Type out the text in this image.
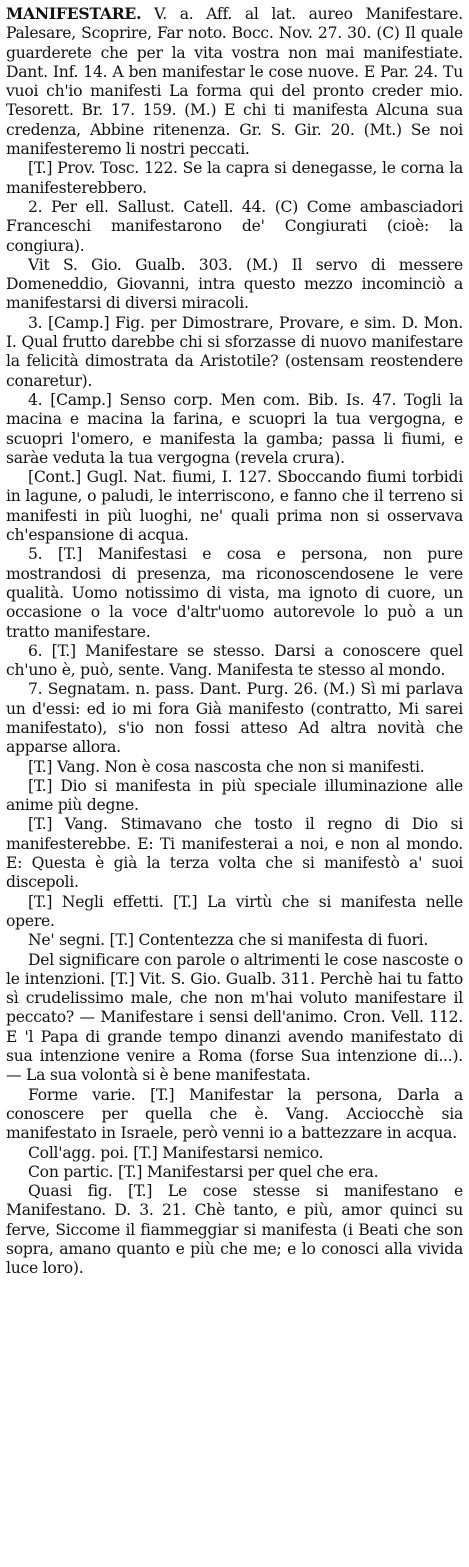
MANIFESTARE. V. a. Aff. al lat. aureo Manifestare. Palesare, Scoprire, Far noto. Bocc. Nov. 27. 30. (C) Il quale guarderete che per la vita vostra non mai manifestiate. Dant. Inf. 14. A ben manifestar le cose nuove. E Par. 24. Tu vuoi ch'io manifesti La forma qui del pronto creder mio. Tesorett. Br. 17. 159. (M.) E chi ti manifesta Alcuna sua credenza, Abbine ritenenza. Gr. S. Gir. 20. (Mt.) Se noi manifesteremo li nostri peccati.

[T.] Prov. Tosc. 122. Se la capra si denegasse, le corna la manifesterebbero.

2. Per ell. Sallust. Catell. 44. (C) Come ambasciadori Franceschi manifestarono de' Congiurati (cioè: la congiura).

Vit S. Gio. Gualb. 303. (M.) Il servo di messere Domeneddio, Giovanni, intra questo mezzo incominciò a manifestarsi di diversi miracoli.

3. [Camp.] Fig. per Dimostrare, Provare, e sim. D. Mon. I. Qual frutto darebbe chi si sforzasse di nuovo manifestare la felicità dimostrata da Aristotile? (ostensam reostendere conaretur).

4. [Camp.] Senso corp. Men com. Bib. Is. 47. Togli la macina e macina la farina, e scuopri la tua vergogna, e scuopri l'omero, e manifesta la gamba; passa li fiumi, e saràe veduta la tua vergogna (revela crura).

[Cont.] Gugl. Nat. fiumi, I. 127. Sboccando fiumi torbidi in lagune, o paludi, le interriscono, e fanno che il terreno si manifesti in più luoghi, ne' quali prima non si osservava ch'espansione di acqua.

5. [T.] Manifestasi e cosa e persona, non pure mostrandosi di presenza, ma riconoscendosene le vere qualità. Uomo notissimo di vista, ma ignoto di cuore, un occasione o la voce d'altr'uomo autorevole lo può a un tratto manifestare.

6. [T.] Manifestare se stesso. Darsi a conoscere quel ch'uno è, può, sente. Vang. Manifesta te stesso al mondo.

7. Segnatam. n. pass. Dant. Purg. 26. (M.) Sì mi parlava un d'essi: ed io mi fora Già manifesto (contratto, Mi sarei manifestato), s'io non fossi atteso Ad altra novità che apparse allora.

[T.] Vang. Non è cosa nascosta che non si manifesti.

[T.] Dio si manifesta in più speciale illuminazione alle anime più degne.

[T.] Vang. Stimavano che tosto il regno di Dio si manifesterebbe. E: Ti manifesterai a noi, e non al mondo. E: Questa è già la terza volta che si manifestò a' suoi discepoli.

[T.] Negli effetti. [T.] La virtù che si manifesta nelle opere.

Ne' segni. [T.] Contentezza che si manifesta di fuori.

Del significare con parole o altrimenti le cose nascoste o le intenzioni. [T.] Vit. S. Gio. Gualb. 311. Perchè hai tu fatto sì crudelissimo male, che non m'hai voluto manifestare il peccato? — Manifestare i sensi dell'animo. Cron. Vell. 112. E 'l Papa di grande tempo dinanzi avendo manifestato di sua intenzione venire a Roma (forse Sua intenzione di...). — La sua volontà si è bene manifestata.

Forme varie. [T.] Manifestar la persona, Darla a conoscere per quella che è. Vang. Acciocchè sia manifestato in Israele, però venni io a battezzare in acqua.

Coll'agg. poi. [T.] Manifestarsi nemico.

Con partic. [T.] Manifestarsi per quel che era.

Quasi fig. [T.] Le cose stesse si manifestano e Manifestano. D. 3. 21. Chè tanto, e più, amor quinci su ferve, Siccome il fiammeggiar si manifesta (i Beati che son sopra, amano quanto e più che me; e lo conosci alla vivida luce loro).
